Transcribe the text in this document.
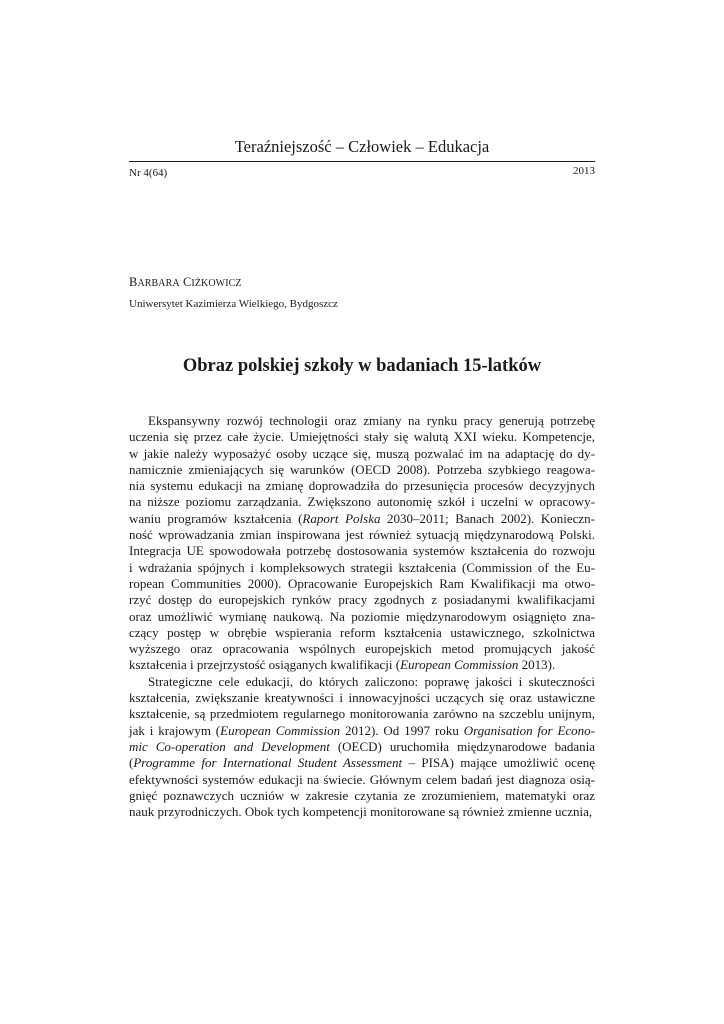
Teraźniejszość – Człowiek – Edukacja
Nr 4(64)	2013
BARBARA CIŻKOWICZ
Uniwersytet Kazimierza Wielkiego, Bydgoszcz
Obraz polskiej szkoły w badaniach 15-latków
Ekspansywny rozwój technologii oraz zmiany na rynku pracy generują potrzebę
uczenia się przez całe życie. Umiejętności stały się walutą XXI wieku. Kompetencje,
w jakie należy wyposażyć osoby uczące się, muszą pozwalać im na adaptację do dy-
namicznie zmieniających się warunków (OECD 2008). Potrzeba szybkiego reagowa-
nia systemu edukacji na zmianę doprowadziła do przesunięcia procesów decyzyjnych
na niższe poziomu zarządzania. Zwiększono autonomię szkół i uczelni w opracowy-
waniu programów kształcenia (Raport Polska 2030–2011; Banach 2002). Konieczn-
ność wprowadzania zmian inspirowana jest również sytuacją międzynarodową Polski.
Integracja UE spowodowała potrzebę dostosowania systemów kształcenia do rozwoju
i wdrażania spójnych i kompleksowych strategii kształcenia (Commission of the Eu-
ropean Communities 2000). Opracowanie Europejskich Ram Kwalifikacji ma otwo-
rzyć dostęp do europejskich rynków pracy zgodnych z posiadanymi kwalifikacjami
oraz umożliwić wymianę naukową. Na poziomie międzynarodowym osiągnięto zna-
czący postęp w obrębie wspierania reform kształcenia ustawicznego, szkolnictwa
wyższego oraz opracowania wspólnych europejskich metod promujących jakość
kształcenia i przejrzystość osiąganych kwalifikacji (European Commission 2013).
Strategiczne cele edukacji, do których zaliczono: poprawę jakości i skuteczności
kształcenia, zwiększanie kreatywności i innowacyjności uczących się oraz ustawiczne
kształcenie, są przedmiotem regularnego monitorowania zarówno na szczeblu unijnym,
jak i krajowym (European Commission 2012). Od 1997 roku Organisation for Econo-
mic Co-operation and Development (OECD) uruchomiła międzynarodowe badania
(Programme for International Student Assessment – PISA) mające umożliwić ocenę
efektywności systemów edukacji na świecie. Głównym celem badań jest diagnoza osią-
gnięć poznawczych uczniów w zakresie czytania ze zrozumieniem, matematyki oraz
nauk przyrodniczych. Obok tych kompetencji monitorowane są również zmienne ucznia,
